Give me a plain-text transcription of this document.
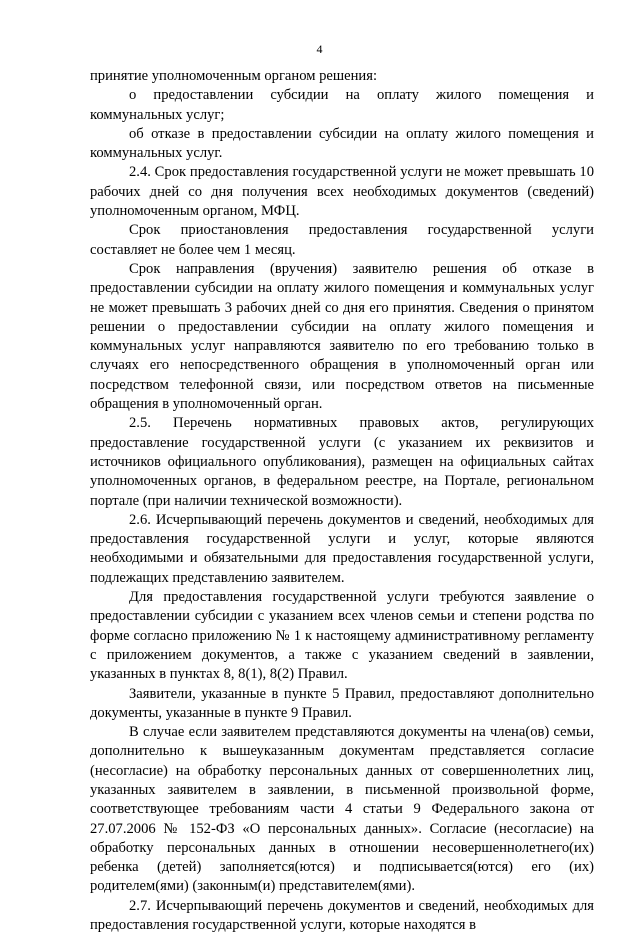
4

принятие уполномоченным органом решения:

о предоставлении субсидии на оплату жилого помещения и коммунальных услуг;

об отказе в предоставлении субсидии на оплату жилого помещения и коммунальных услуг.

2.4. Срок предоставления государственной услуги не может превышать 10 рабочих дней со дня получения всех необходимых документов (сведений) уполномоченным органом, МФЦ.

Срок приостановления предоставления государственной услуги составляет не более чем 1 месяц.

Срок направления (вручения) заявителю решения об отказе в предоставлении субсидии на оплату жилого помещения и коммунальных услуг не может превышать 3 рабочих дней со дня его принятия. Сведения о принятом решении о предоставлении субсидии на оплату жилого помещения и коммунальных услуг направляются заявителю по его требованию только в случаях его непосредственного обращения в уполномоченный орган или посредством телефонной связи, или посредством ответов на письменные обращения в уполномоченный орган.

2.5. Перечень нормативных правовых актов, регулирующих предоставление государственной услуги (с указанием их реквизитов и источников официального опубликования), размещен на официальных сайтах уполномоченных органов, в федеральном реестре, на Портале, региональном портале (при наличии технической возможности).

2.6. Исчерпывающий перечень документов и сведений, необходимых для предоставления государственной услуги и услуг, которые являются необходимыми и обязательными для предоставления государственной услуги, подлежащих представлению заявителем.

Для предоставления государственной услуги требуются заявление о предоставлении субсидии с указанием всех членов семьи и степени родства по форме согласно приложению № 1 к настоящему административному регламенту с приложением документов, а также с указанием сведений в заявлении, указанных в пунктах 8, 8(1), 8(2) Правил.

Заявители, указанные в пункте 5 Правил, предоставляют дополнительно документы, указанные в пункте 9 Правил.

В случае если заявителем представляются документы на члена(ов) семьи, дополнительно к вышеуказанным документам представляется согласие (несогласие) на обработку персональных данных от совершеннолетних лиц, указанных заявителем в заявлении, в письменной произвольной форме, соответствующее требованиям части 4 статьи 9 Федерального закона от 27.07.2006 № 152-ФЗ «О персональных данных». Согласие (несогласие) на обработку персональных данных в отношении несовершеннолетнего(их) ребенка (детей) заполняется(ются) и подписывается(ются) его (их) родителем(ями) (законным(и) представителем(ями).

2.7. Исчерпывающий перечень документов и сведений, необходимых для предоставления государственной услуги, которые находятся в
